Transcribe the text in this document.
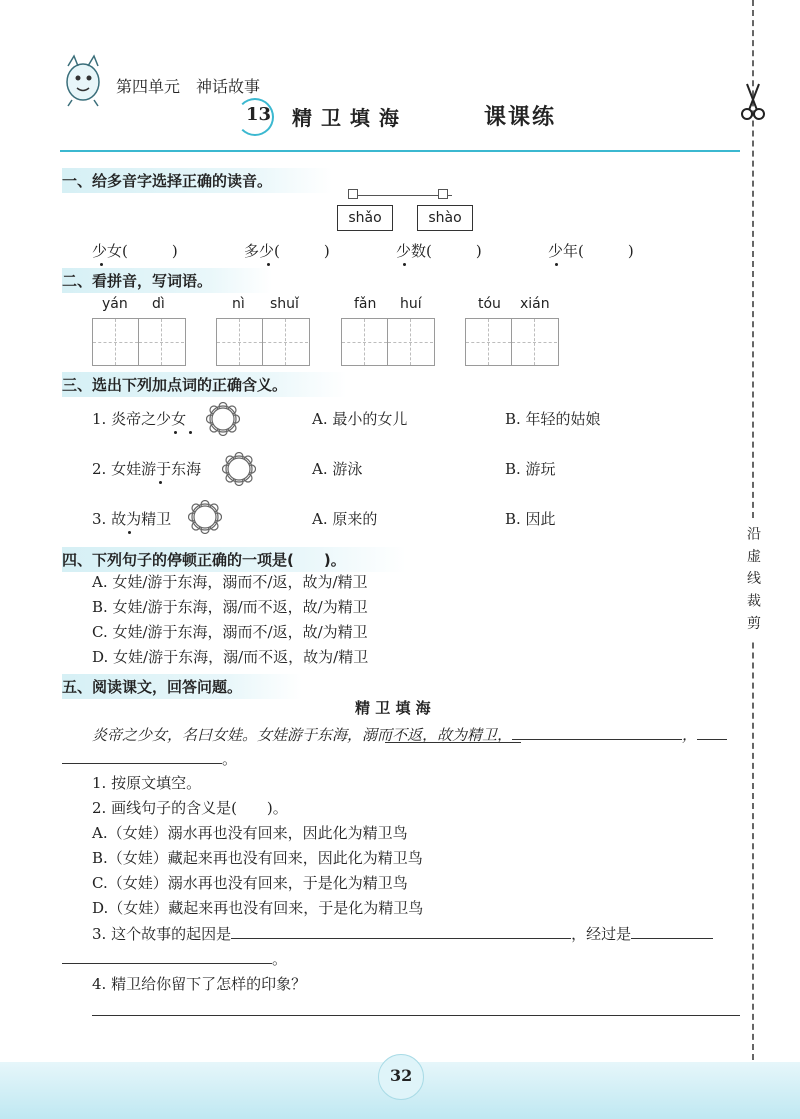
沿 虚 线 裁 剪
第四单元　神话故事
13 精 卫 填 海	课课练
一、给多音字选择正确的读音。
shǎo	shào
少女(	)	多少(	)	少数(	)	少年(	)
二、看拼音，写词语。
yán dì	nì shuǐ	fǎn huí	tóu xián
三、选出下列加点词的正确含义。
1. 炎帝之少女	A. 最小的女儿	B. 年轻的姑娘
2. 女娃游于东海	A. 游泳	B. 游玩
3. 故为精卫	A. 原来的	B. 因此
四、下列句子的停顿正确的一项是(　　)。
A. 女娃/游于东海，溺而不/返，故为/精卫
B. 女娃/游于东海，溺/而不返，故/为精卫
C. 女娃/游于东海，溺而不/返，故/为精卫
D. 女娃/游于东海，溺/而不返，故为/精卫
五、阅读课文，回答问题。
精 卫 填 海
炎帝之少女，名曰女娃。女娃游于东海，溺而不返，故为精卫，	，
。
1. 按原文填空。
2. 画线句子的含义是(　　)。
A.（女娃）溺水再也没有回来，因此化为精卫鸟
B.（女娃）藏起来再也没有回来，因此化为精卫鸟
C.（女娃）溺水再也没有回来，于是化为精卫鸟
D.（女娃）藏起来再也没有回来，于是化为精卫鸟
3. 这个故事的起因是	，经过是
。
4. 精卫给你留下了怎样的印象？
32
